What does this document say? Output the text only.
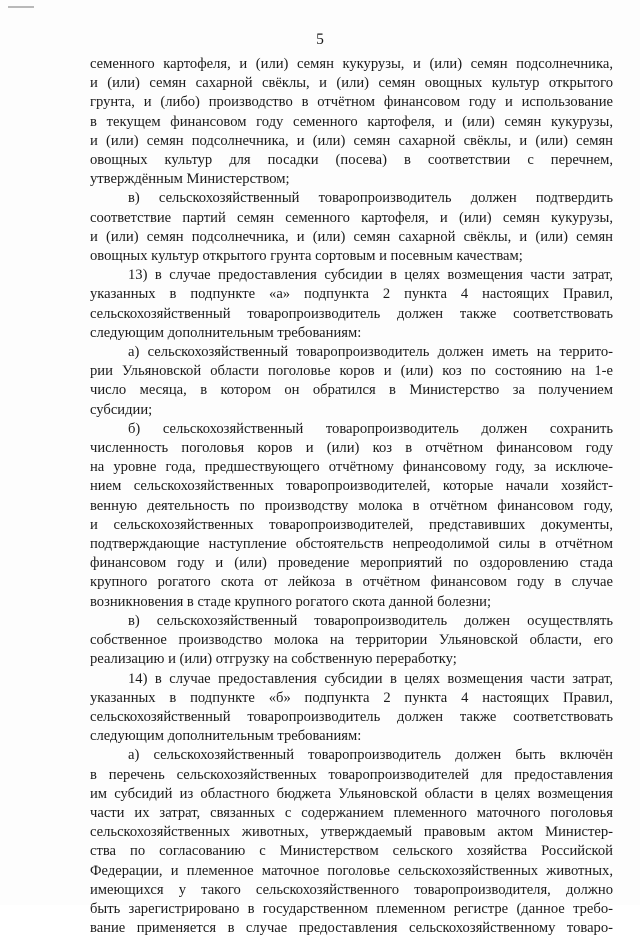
5

семенного картофеля, и (или) семян кукурузы, и (или) семян подсолнечника,

и (или) семян сахарной свёклы, и (или) семян овощных культур открытого

грунта, и (либо) производство в отчётном финансовом году и использование

в текущем финансовом году семенного картофеля, и (или) семян кукурузы,

и (или) семян подсолнечника, и (или) семян сахарной свёклы, и (или) семян

овощных культур для посадки (посева) в соответствии с перечнем,

утверждённым Министерством;

в) сельскохозяйственный товаропроизводитель должен подтвердить

соответствие партий семян семенного картофеля, и (или) семян кукурузы,

и (или) семян подсолнечника, и (или) семян сахарной свёклы, и (или) семян

овощных культур открытого грунта сортовым и посевным качествам;

13) в случае предоставления субсидии в целях возмещения части затрат,

указанных в подпункте «а» подпункта 2 пункта 4 настоящих Правил,

сельскохозяйственный товаропроизводитель должен также соответствовать

следующим дополнительным требованиям:

а) сельскохозяйственный товаропроизводитель должен иметь на террито-

рии Ульяновской области поголовье коров и (или) коз по состоянию на 1-е

число месяца, в котором он обратился в Министерство за получением

субсидии;

б) сельскохозяйственный товаропроизводитель должен сохранить

численность поголовья коров и (или) коз в отчётном финансовом году

на уровне года, предшествующего отчётному финансовому году, за исключе-

нием сельскохозяйственных товаропроизводителей, которые начали хозяйст-

венную деятельность по производству молока в отчётном финансовом году,

и сельскохозяйственных товаропроизводителей, представивших документы,

подтверждающие наступление обстоятельств непреодолимой силы в отчётном

финансовом году и (или) проведение мероприятий по оздоровлению стада

крупного рогатого скота от лейкоза в отчётном финансовом году в случае

возникновения в стаде крупного рогатого скота данной болезни;

в) сельскохозяйственный товаропроизводитель должен осуществлять

собственное производство молока на территории Ульяновской области, его

реализацию и (или) отгрузку на собственную переработку;

14) в случае предоставления субсидии в целях возмещения части затрат,

указанных в подпункте «б» подпункта 2 пункта 4 настоящих Правил,

сельскохозяйственный товаропроизводитель должен также соответствовать

следующим дополнительным требованиям:

а) сельскохозяйственный товаропроизводитель должен быть включён

в перечень сельскохозяйственных товаропроизводителей для предоставления

им субсидий из областного бюджета Ульяновской области в целях возмещения

части их затрат, связанных с содержанием племенного маточного поголовья

сельскохозяйственных животных, утверждаемый правовым актом Министер-

ства по согласованию с Министерством сельского хозяйства Российской

Федерации, и племенное маточное поголовье сельскохозяйственных животных,

имеющихся у такого сельскохозяйственного товаропроизводителя, должно

быть зарегистрировано в государственном племенном регистре (данное требо-

вание применяется в случае предоставления сельскохозяйственному товаро-
